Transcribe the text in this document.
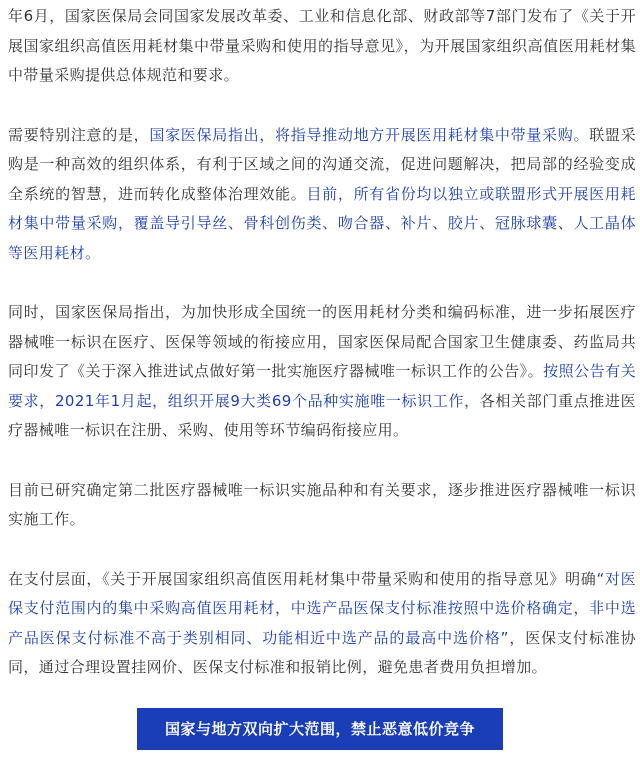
年6月，国家医保局会同国家发展改革委、工业和信息化部、财政部等7部门发布了《关于开展国家组织高值医用耗材集中带量采购和使用的指导意见》，为开展国家组织高值医用耗材集中带量采购提供总体规范和要求。

需要特别注意的是，国家医保局指出，将指导推动地方开展医用耗材集中带量采购。联盟采购是一种高效的组织体系，有利于区域之间的沟通交流，促进问题解决，把局部的经验变成全系统的智慧，进而转化成整体治理效能。目前，所有省份均以独立或联盟形式开展医用耗材集中带量采购，覆盖导引导丝、骨科创伤类、吻合器、补片、胶片、冠脉球囊、人工晶体等医用耗材。

同时，国家医保局指出，为加快形成全国统一的医用耗材分类和编码标准，进一步拓展医疗器械唯一标识在医疗、医保等领域的衔接应用，国家医保局配合国家卫生健康委、药监局共同印发了《关于深入推进试点做好第一批实施医疗器械唯一标识工作的公告》。按照公告有关要求，2021年1月起，组织开展9大类69个品种实施唯一标识工作，各相关部门重点推进医疗器械唯一标识在注册、采购、使用等环节编码衔接应用。

目前已研究确定第二批医疗器械唯一标识实施品种和有关要求，逐步推进医疗器械唯一标识实施工作。

在支付层面，《关于开展国家组织高值医用耗材集中带量采购和使用的指导意见》明确“对医保支付范围内的集中采购高值医用耗材，中选产品医保支付标准按照中选价格确定，非中选产品医保支付标准不高于类别相同、功能相近中选产品的最高中选价格”，医保支付标准协同，通过合理设置挂网价、医保支付标准和报销比例，避免患者费用负担增加。

国家与地方双向扩大范围，禁止恶意低价竞争
